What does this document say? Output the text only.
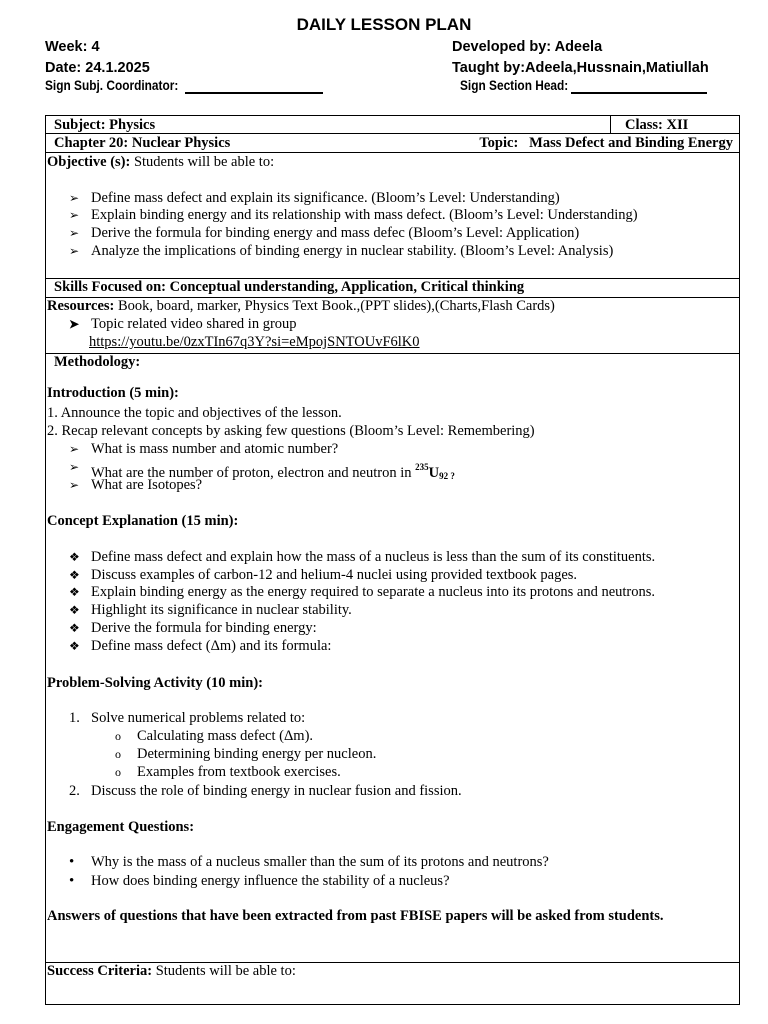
DAILY LESSON PLAN
Week: 4
Date: 24.1.2025
Sign Subj. Coordinator:
Developed by: Adeela
Taught by:Adeela,Hussnain,Matiullah
Sign Section Head:
Subject: Physics	Class: XII
Chapter 20: Nuclear Physics	Topic: Mass Defect and Binding Energy
Objective (s): Students will be able to:
➢ Define mass defect and explain its significance. (Bloom’s Level: Understanding)
➢ Explain binding energy and its relationship with mass defect. (Bloom’s Level: Understanding)
➢ Derive the formula for binding energy and mass defec (Bloom’s Level: Application)
➢ Analyze the implications of binding energy in nuclear stability. (Bloom’s Level: Analysis)
Skills Focused on: Conceptual understanding, Application, Critical thinking
Resources: Book, board, marker, Physics Text Book.,(PPT slides),(Charts,Flash Cards)
➤ Topic related video shared in group
https://youtu.be/0zxTIn67q3Y?si=eMpojSNTOUvF6lK0
Methodology:
Introduction (5 min):
1. Announce the topic and objectives of the lesson.
2. Recap relevant concepts by asking few questions (Bloom’s Level: Remembering)
➢ What is mass number and atomic number?
➢ What are the number of proton, electron and neutron in $^{235}U_{92}$ $_?$
➢ What are Isotopes?
Concept Explanation (15 min):
❖ Define mass defect and explain how the mass of a nucleus is less than the sum of its constituents.
❖ Discuss examples of carbon-12 and helium-4 nuclei using provided textbook pages.
❖ Explain binding energy as the energy required to separate a nucleus into its protons and neutrons.
❖ Highlight its significance in nuclear stability.
❖ Derive the formula for binding energy:
❖ Define mass defect (Δm) and its formula:
Problem-Solving Activity (10 min):
1. Solve numerical problems related to:
o Calculating mass defect (Δm).
o Determining binding energy per nucleon.
o Examples from textbook exercises.
2. Discuss the role of binding energy in nuclear fusion and fission.
Engagement Questions:
• Why is the mass of a nucleus smaller than the sum of its protons and neutrons?
• How does binding energy influence the stability of a nucleus?
Answers of questions that have been extracted from past FBISE papers will be asked from students.
Success Criteria: Students will be able to:
